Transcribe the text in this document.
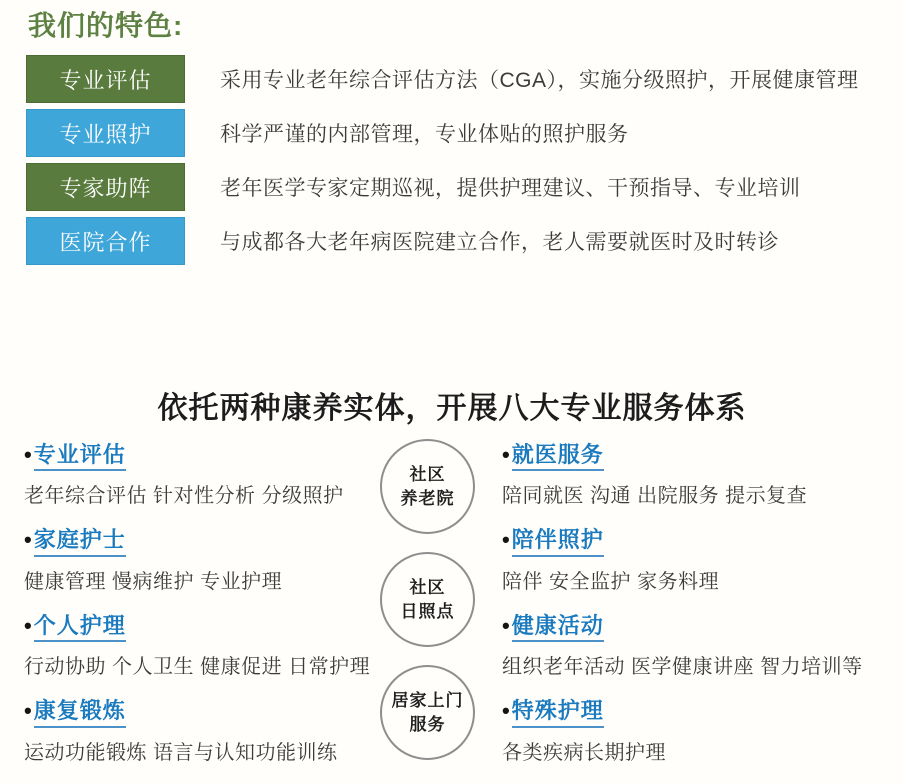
我们的特色:
专业评估	采用专业老年综合评估方法（CGA），实施分级照护，开展健康管理
专业照护	科学严谨的内部管理，专业体贴的照护服务
专家助阵	老年医学专家定期巡视，提供护理建议、干预指导、专业培训
医院合作	与成都各大老年病医院建立合作，老人需要就医时及时转诊
依托两种康养实体，开展八大专业服务体系
• 专业评估
老年综合评估 针对性分析 分级照护
• 家庭护士
健康管理 慢病维护 专业护理
• 个人护理
行动协助 个人卫生 健康促进 日常护理
• 康复锻炼
运动功能锻炼 语言与认知功能训练
社区
养老院
社区
日照点
居家上门
服务
• 就医服务
陪同就医 沟通 出院服务 提示复查
• 陪伴照护
陪伴 安全监护 家务料理
• 健康活动
组织老年活动 医学健康讲座 智力培训等
• 特殊护理
各类疾病长期护理
